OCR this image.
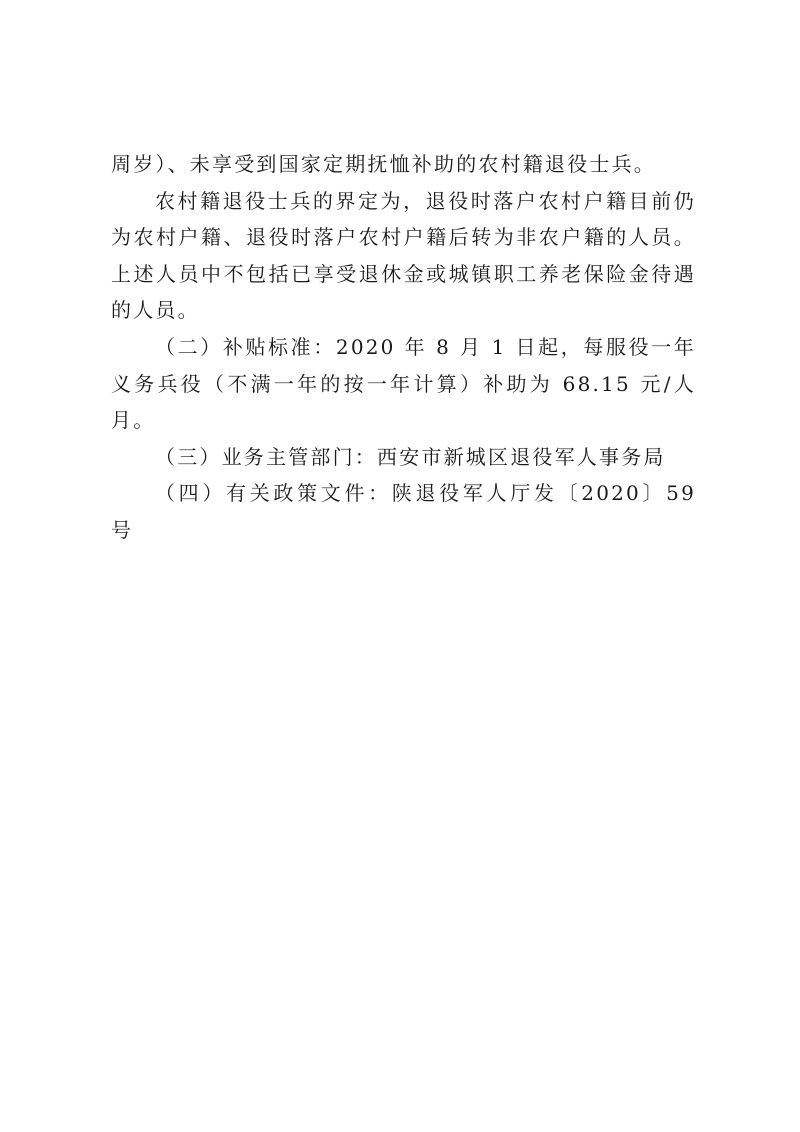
周岁）、未享受到国家定期抚恤补助的农村籍退役士兵。

农村籍退役士兵的界定为，退役时落户农村户籍目前仍为农村户籍、退役时落户农村户籍后转为非农户籍的人员。上述人员中不包括已享受退休金或城镇职工养老保险金待遇的人员。

（二）补贴标准：2020 年 8 月 1 日起，每服役一年义务兵役（不满一年的按一年计算）补助为 68.15 元/人月。

（三）业务主管部门：西安市新城区退役军人事务局

（四）有关政策文件：陕退役军人厅发〔2020〕59 号
